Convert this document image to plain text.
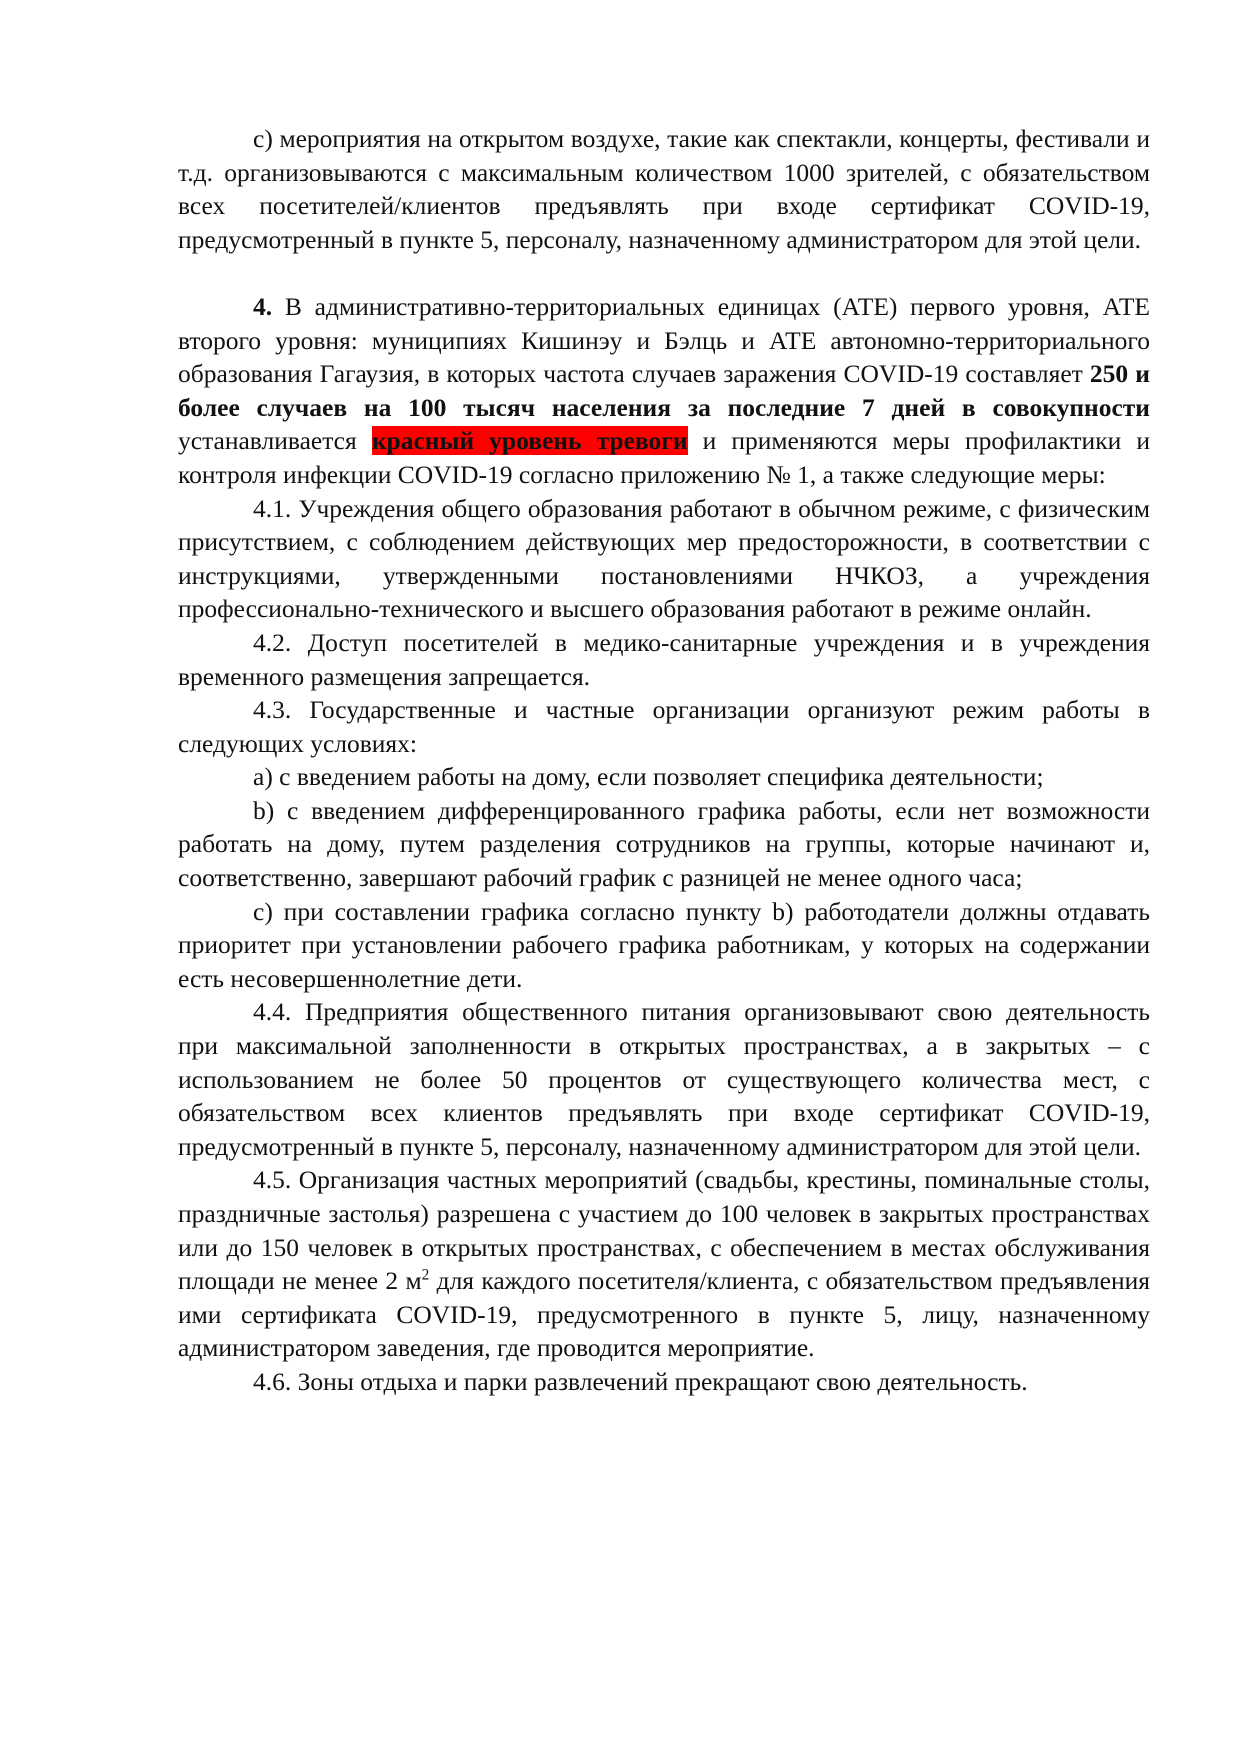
c) мероприятия на открытом воздухе, такие как спектакли, концерты, фестивали и т.д. организовываются с максимальным количеством 1000 зрителей, с обязательством всех посетителей/клиентов предъявлять при входе сертификат COVID-19, предусмотренный в пункте 5, персоналу, назначенному администратором для этой цели.

4. В административно-территориальных единицах (АТЕ) первого уровня, АТЕ второго уровня: муниципиях Кишинэу и Бэлць и АТЕ автономно-территориального образования Гагаузия, в которых частота случаев заражения COVID-19 составляет 250 и более случаев на 100 тысяч населения за последние 7 дней в совокупности устанавливается красный уровень тревоги и применяются меры профилактики и контроля инфекции COVID-19 согласно приложению № 1, а также следующие меры:

4.1. Учреждения общего образования работают в обычном режиме, с физическим присутствием, с соблюдением действующих мер предосторожности, в соответствии с инструкциями, утвержденными постановлениями НЧКОЗ, а учреждения профессионально-технического и высшего образования работают в режиме онлайн.

4.2. Доступ посетителей в медико-санитарные учреждения и в учреждения временного размещения запрещается.

4.3. Государственные и частные организации организуют режим работы в следующих условиях:

a) с введением работы на дому, если позволяет специфика деятельности;

b) с введением дифференцированного графика работы, если нет возможности работать на дому, путем разделения сотрудников на группы, которые начинают и, соответственно, завершают рабочий график с разницей не менее одного часа;

c) при составлении графика согласно пункту b) работодатели должны отдавать приоритет при установлении рабочего графика работникам, у которых на содержании есть несовершеннолетние дети.

4.4. Предприятия общественного питания организовывают свою деятельность при максимальной заполненности в открытых пространствах, а в закрытых – с использованием не более 50 процентов от существующего количества мест, с обязательством всех клиентов предъявлять при входе сертификат COVID-19, предусмотренный в пункте 5, персоналу, назначенному администратором для этой цели.

4.5. Организация частных мероприятий (свадьбы, крестины, поминальные столы, праздничные застолья) разрешена с участием до 100 человек в закрытых пространствах или до 150 человек в открытых пространствах, с обеспечением в местах обслуживания площади не менее 2 $м^2$ для каждого посетителя/клиента, с обязательством предъявления ими сертификата COVID-19, предусмотренного в пункте 5, лицу, назначенному администратором заведения, где проводится мероприятие.

4.6. Зоны отдыха и парки развлечений прекращают свою деятельность.
